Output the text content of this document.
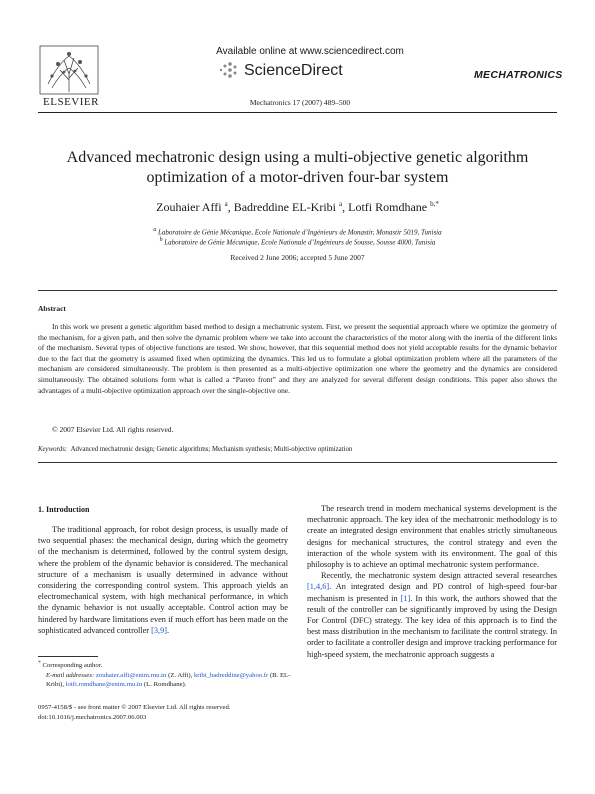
ELSEVIER
Available online at www.sciencedirect.com
ScienceDirect	MECHATRONICS
Mechatronics 17 (2007) 489–500
Advanced mechatronic design using a multi-objective genetic algorithm optimization of a motor-driven four-bar system
Zouhaier Affi $^a$, Badreddine EL-Kribi $^a$, Lotfi Romdhane $^{b,*}$
$^a$ Laboratoire de Génie Mécanique, Ecole Nationale d’Ingénieurs de Monastir, Monastir 5019, Tunisia
$^b$ Laboratoire de Génie Mécanique, Ecole Nationale d’Ingénieurs de Sousse, Sousse 4000, Tunisia
Received 2 June 2006; accepted 5 June 2007
Abstract
In this work we present a genetic algorithm based method to design a mechatronic system. First, we present the sequential approach where we optimize the geometry of the mechanism, for a given path, and then solve the dynamic problem where we take into account the characteristics of the motor along with the inertia of the different links of the mechanism. Several types of objective functions are tested. We show, however, that this sequential method does not yield acceptable results for the dynamic behavior due to the fact that the geometry is assumed fixed when optimizing the dynamics. This led us to formulate a global optimization problem where all the parameters of the mechanism are considered simultaneously. The problem is then presented as a multi-objective optimization one where the geometry and the dynamics are considered simultaneously. The obtained solutions form what is called a “Pareto front” and they are analyzed for several different design conditions. This paper also shows the advantages of a multi-objective optimization approach over the single-objective one.
© 2007 Elsevier Ltd. All rights reserved.
Keywords: Advanced mechatronic design; Genetic algorithms; Mechanism synthesis; Multi-objective optimization
1. Introduction

The traditional approach, for robot design process, is usually made of two sequential phases: the mechanical design, during which the geometry of the mechanism is determined, followed by the control system design, where the problem of the dynamic behavior is considered. The mechanical structure of a mechanism is usually determined in advance without considering the corresponding control system. This approach yields an electromechanical system, with high mechanical performance, in which the dynamic behavior is not usually acceptable. Control action may be hindered by hardware limitations even if much effort has been made on the sophisticated advanced controller [3,9].

The research trend in modern mechanical systems development is the mechatronic approach. The key idea of the mechatronic methodology is to create an integrated design environment that enables strictly simultaneous designs for mechanical structures, the control strategy and even the interaction of the whole system with its environment. The goal of this philosophy is to achieve an optimal mechatronic system performance.

Recently, the mechatronic system design attracted several researches [1,4,6]. An integrated design and PD control of high-speed four-bar mechanism is presented in [1]. In this work, the authors showed that the result of the controller can be significantly improved by using the Design For Control (DFC) strategy. The key idea of this approach is to find the best mass distribution in the mechanism to facilitate the control strategy. In order to facilitate a controller design and improve tracking performance for high-speed system, the mechatronic approach suggests a

* Corresponding author.
E-mail addresses: zouhaier.affi@enim.rnu.tn (Z. Affi), kribi_badreddine@yahoo.fr (B. EL-Kribi), lotfi.romdhane@enim.rnu.tn (L. Romdhane).
0957-4158/$ - see front matter © 2007 Elsevier Ltd. All rights reserved.
doi:10.1016/j.mechatronics.2007.06.003
